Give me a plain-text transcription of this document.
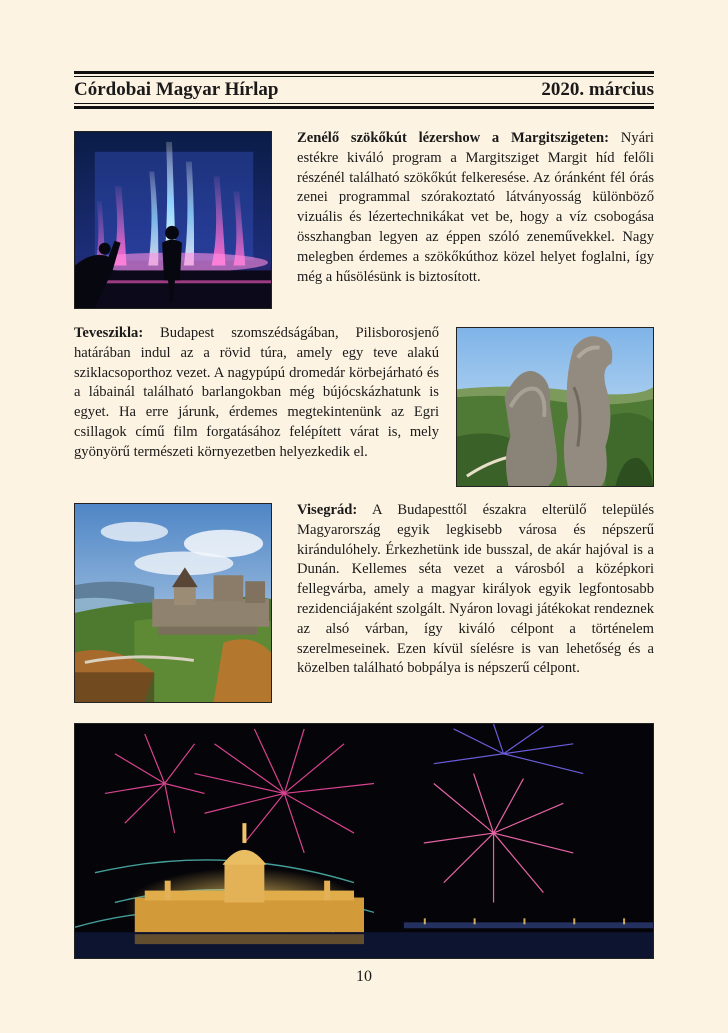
Córdobai Magyar Hírlap	2020. március

Zenélő szökőkút lézershow a Margitszigeten: Nyári estékre kiváló program a Margitsziget Margit híd felőli részénél található szökőkút felkeresése. Az óránként fél órás zenei programmal szórakoztató látványosság különböző vizuális és lézertechnikákat vet be, hogy a víz csobogása összhangban legyen az éppen szóló zeneművekkel. Nagy melegben érdemes a szökőkúthoz közel helyet foglalni, így még a hűsölésünk is biztosított.

Teveszikla: Budapest szomszédságában, Pilisborosjenő határában indul az a rövid túra, amely egy teve alakú sziklacsoporthoz vezet. A nagypúpú dromedár körbejárható és a lábainál található barlangokban még bújócskázhatunk is egyet. Ha erre járunk, érdemes megtekintenünk az Egri csillagok című film forgatásához felépített várat is, mely gyönyörű természeti környezetben helyezkedik el.

Visegrád: A Budapesttől északra elterülő település Magyarország egyik legkisebb városa és népszerű kirándulóhely. Érkezhetünk ide busszal, de akár hajóval is a Dunán. Kellemes séta vezet a városból a középkori fellegvárba, amely a magyar királyok egyik legfontosabb rezidenciájaként szolgált. Nyáron lovagi játékokat rendeznek az alsó várban, így kiváló célpont a történelem szerelmeseinek. Ezen kívül síelésre is van lehetőség és a közelben található bobpálya is népszerű célpont.

10
